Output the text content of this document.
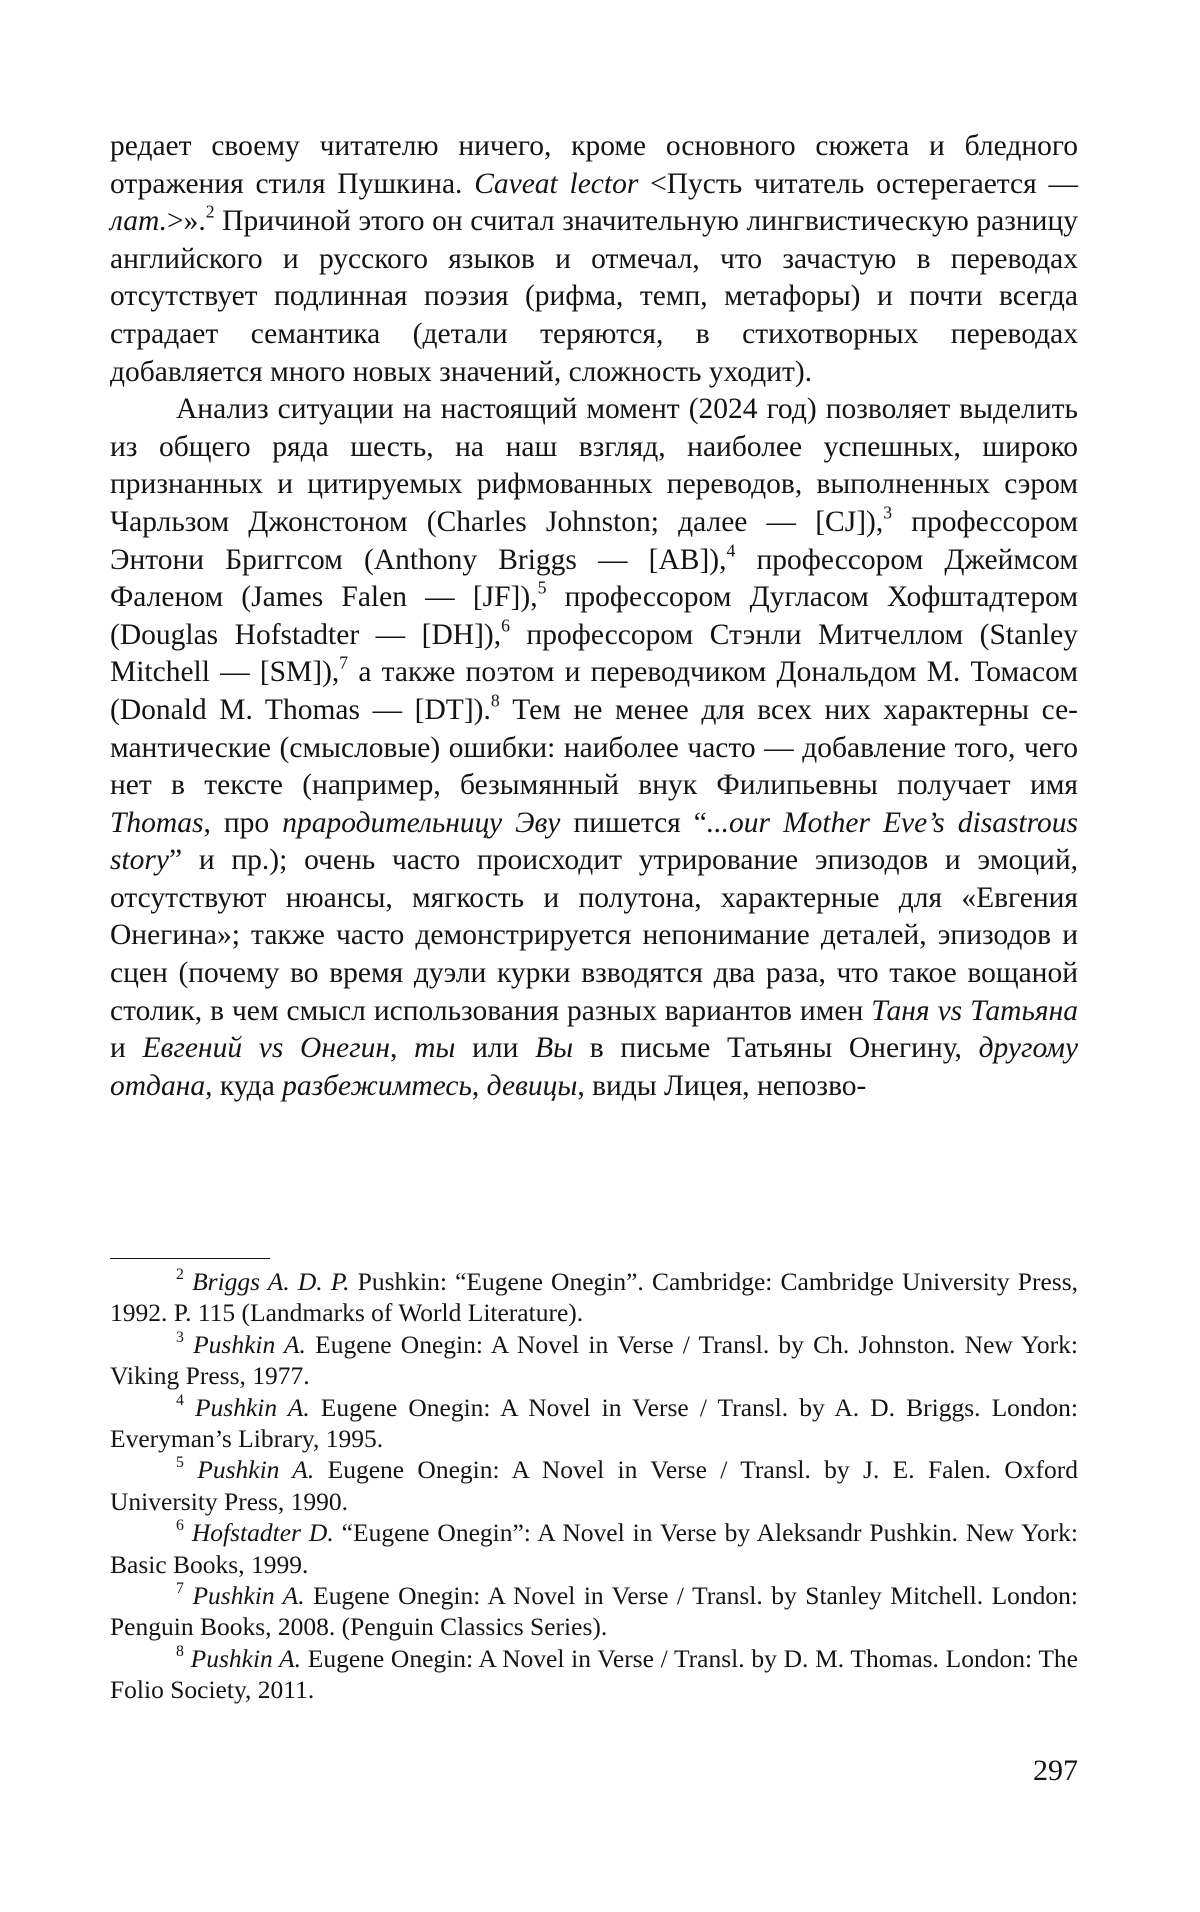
редает своему читателю ничего, кроме основного сюжета и бледного отражения стиля Пушкина. Caveat lector <Пусть читатель остерегается — лат.>».$^2$ Причиной этого он считал значительную лингвистическую разницу английского и русского языков и отмечал, что зачастую в переводах отсутствует подлинная поэзия (рифма, темп, метафоры) и почти всегда страдает семантика (детали теряются, в стихотворных переводах добавляется много новых значений, сложность уходит).

Анализ ситуации на настоящий момент (2024 год) позволяет выделить из общего ряда шесть, на наш взгляд, наиболее успешных, широко признанных и цитируемых рифмованных переводов, выполненных сэром Чарльзом Джонстоном (Charles Johnston; далее — [CJ]),$^3$ профессором Энтони Бриггсом (Anthony Briggs — [AB]),$^4$ профессором Джеймсом Фаленом (James Falen — [JF]),$^5$ профессором Дугласом Хофштадтером (Douglas Hofstadter — [DH]),$^6$ профессором Стэнли Митчеллом (Stanley Mitchell — [SM]),$^7$ а также поэтом и переводчиком Дональдом М. Томасом (Donald M. Thomas — [DT]).$^8$ Тем не менее для всех них характерны семантические (смысловые) ошибки: наиболее часто — добавление того, чего нет в тексте (например, безымянный внук Филипьевны получает имя Thomas, про прародительницу Эву пишется “...our Mother Eve’s disastrous story” и пр.); очень часто происходит утрирование эпизодов и эмоций, отсутствуют нюансы, мягкость и полутона, характерные для «Евгения Онегина»; также часто демонстрируется непонимание деталей, эпизодов и сцен (почему во время дуэли курки взводятся два раза, что такое вощаной столик, в чем смысл использования разных вариантов имен Таня vs Татьяна и Евгений vs Онегин, ты или Вы в письме Татьяны Онегину, другому отдана, куда разбежимтесь, девицы, виды Лицея, непозво-

$^2$ Briggs A. D. P. Pushkin: “Eugene Onegin”. Cambridge: Cambridge University Press, 1992. P. 115 (Landmarks of World Literature).

$^3$ Pushkin A. Eugene Onegin: A Novel in Verse / Transl. by Ch. Johnston. New York: Viking Press, 1977.

$^4$ Pushkin A. Eugene Onegin: A Novel in Verse / Transl. by A. D. Briggs. London: Everyman’s Library, 1995.

$^5$ Pushkin A. Eugene Onegin: A Novel in Verse / Transl. by J. E. Falen. Oxford University Press, 1990.

$^6$ Hofstadter D. “Eugene Onegin”: A Novel in Verse by Aleksandr Pushkin. New York: Basic Books, 1999.

$^7$ Pushkin A. Eugene Onegin: A Novel in Verse / Transl. by Stanley Mitchell. London: Penguin Books, 2008. (Penguin Classics Series).

$^8$ Pushkin A. Eugene Onegin: A Novel in Verse / Transl. by D. M. Thomas. London: The Folio Society, 2011.

297
